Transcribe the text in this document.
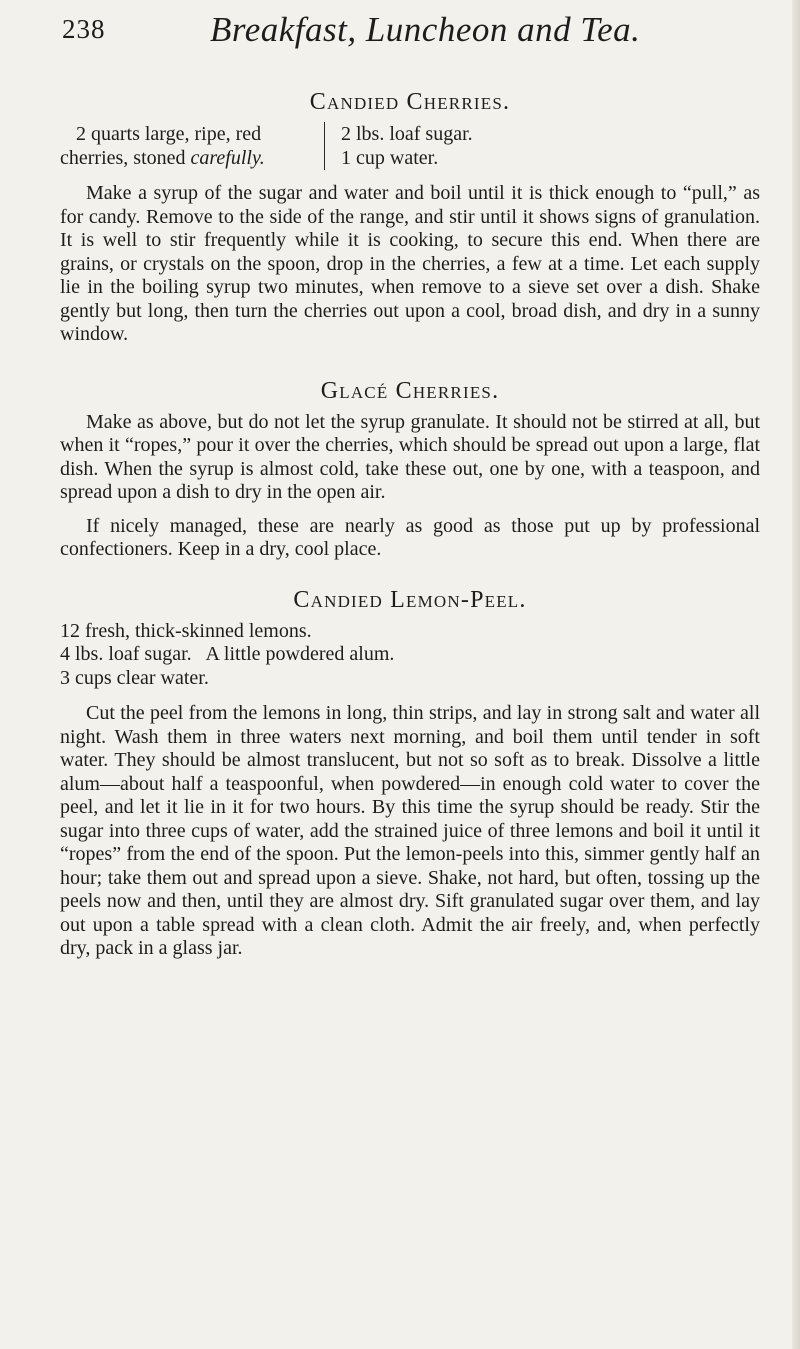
238	Breakfast, Luncheon and Tea.
Candied Cherries.
2 quarts large, ripe, red cherries, stoned carefully.
2 lbs. loaf sugar.
1 cup water.

Make a syrup of the sugar and water and boil until it is thick enough to “pull,” as for candy. Remove to the side of the range, and stir until it shows signs of granulation. It is well to stir frequently while it is cooking, to secure this end. When there are grains, or crystals on the spoon, drop in the cherries, a few at a time. Let each supply lie in the boiling syrup two minutes, when remove to a sieve set over a dish. Shake gently but long, then turn the cherries out upon a cool, broad dish, and dry in a sunny window.

Glacé Cherries.

Make as above, but do not let the syrup granulate. It should not be stirred at all, but when it “ropes,” pour it over the cherries, which should be spread out upon a large, flat dish. When the syrup is almost cold, take these out, one by one, with a teaspoon, and spread upon a dish to dry in the open air.

If nicely managed, these are nearly as good as those put up by professional confectioners. Keep in a dry, cool place.

Candied Lemon-Peel.
12 fresh, thick-skinned lemons.
4 lbs. loaf sugar.   A little powdered alum.
3 cups clear water.

Cut the peel from the lemons in long, thin strips, and lay in strong salt and water all night. Wash them in three waters next morning, and boil them until tender in soft water. They should be almost translucent, but not so soft as to break. Dissolve a little alum—about half a teaspoonful, when powdered—in enough cold water to cover the peel, and let it lie in it for two hours. By this time the syrup should be ready. Stir the sugar into three cups of water, add the strained juice of three lemons and boil it until it “ropes” from the end of the spoon. Put the lemon-peels into this, simmer gently half an hour; take them out and spread upon a sieve. Shake, not hard, but often, tossing up the peels now and then, until they are almost dry. Sift granulated sugar over them, and lay out upon a table spread with a clean cloth. Admit the air freely, and, when perfectly dry, pack in a glass jar.
